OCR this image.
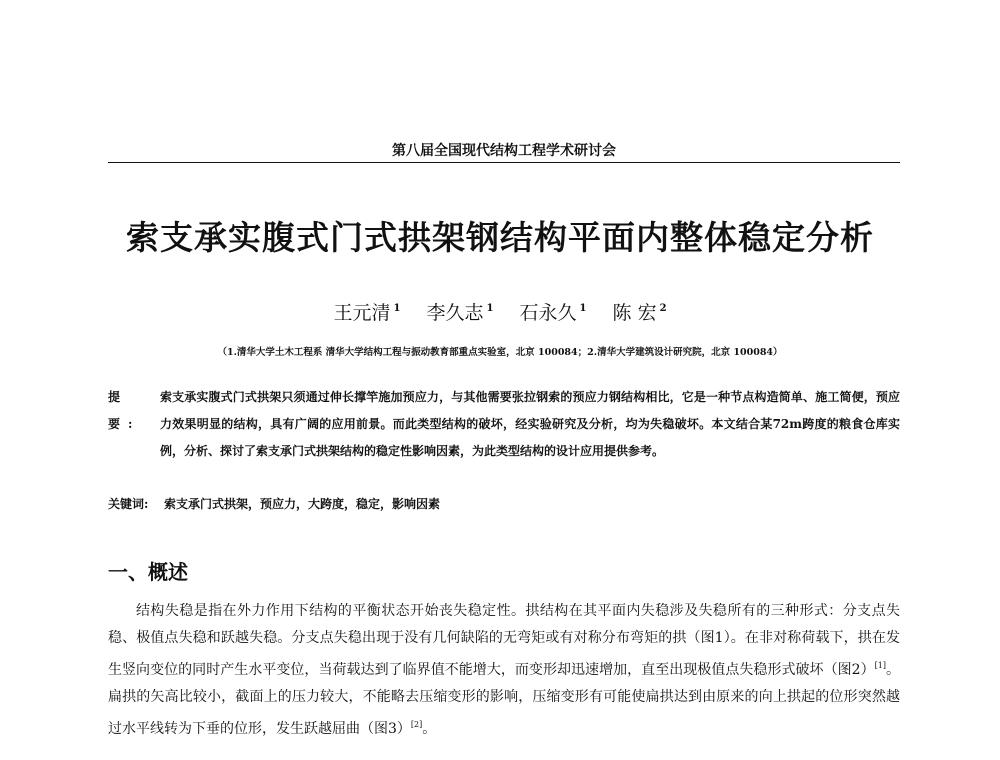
第八届全国现代结构工程学术研讨会
索支承实腹式门式拱架钢结构平面内整体稳定分析
王元清 $^1$ 李久志 $^1$ 石永久 $^1$ 陈 宏 $^2$
（1.清华大学土木工程系 清华大学结构工程与振动教育部重点实验室，北京 100084；2.清华大学建筑设计研究院，北京 100084）
提要:
索支承实腹式门式拱架只须通过伸长撑竿施加预应力，与其他需要张拉钢索的预应力钢结构相比，它是一种节点构造简单、施工简便，预应力效果明显的结构，具有广阔的应用前景。而此类型结构的破坏，经实验研究及分析，均为失稳破坏。本文结合某72m跨度的粮食仓库实例，分析、探讨了索支承门式拱架结构的稳定性影响因素，为此类型结构的设计应用提供参考。
关键词: 索支承门式拱架，预应力，大跨度，稳定，影响因素
一、概述
结构失稳是指在外力作用下结构的平衡状态开始丧失稳定性。拱结构在其平面内失稳涉及失稳所有的三种形式：分支点失稳、极值点失稳和跃越失稳。分支点失稳出现于没有几何缺陷的无弯矩或有对称分布弯矩的拱（图1）。在非对称荷载下，拱在发生竖向变位的同时产生水平变位，当荷载达到了临界值不能增大，而变形却迅速增加，直至出现极值点失稳形式破坏（图2）[1]。扁拱的矢高比较小，截面上的压力较大，不能略去压缩变形的影响，压缩变形有可能使扁拱达到由原来的向上拱起的位形突然越过水平线转为下垂的位形，发生跃越屈曲（图3）[2]。
